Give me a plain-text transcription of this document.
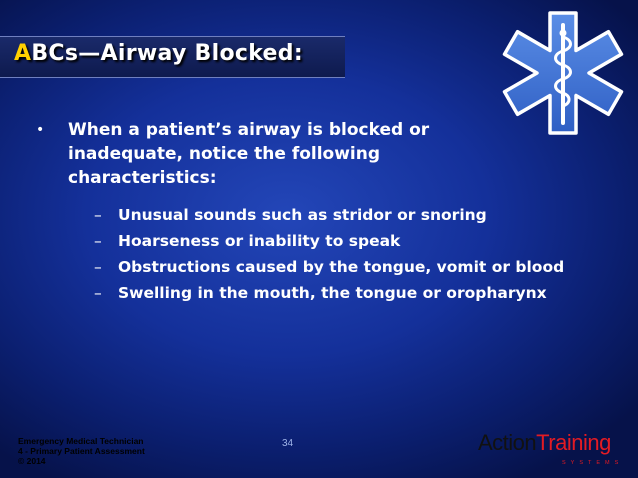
ABCs—Airway Blocked:
• When a patient’s airway is blocked or inadequate, notice the following characteristics:
– Unusual sounds such as stridor or snoring
– Hoarseness or inability to speak
– Obstructions caused by the tongue, vomit or blood
– Swelling in the mouth, the tongue or oropharynx
Emergency Medical Technician
4 - Primary Patient Assessment
© 2014
34	ActionTraining
SYSTEMS
